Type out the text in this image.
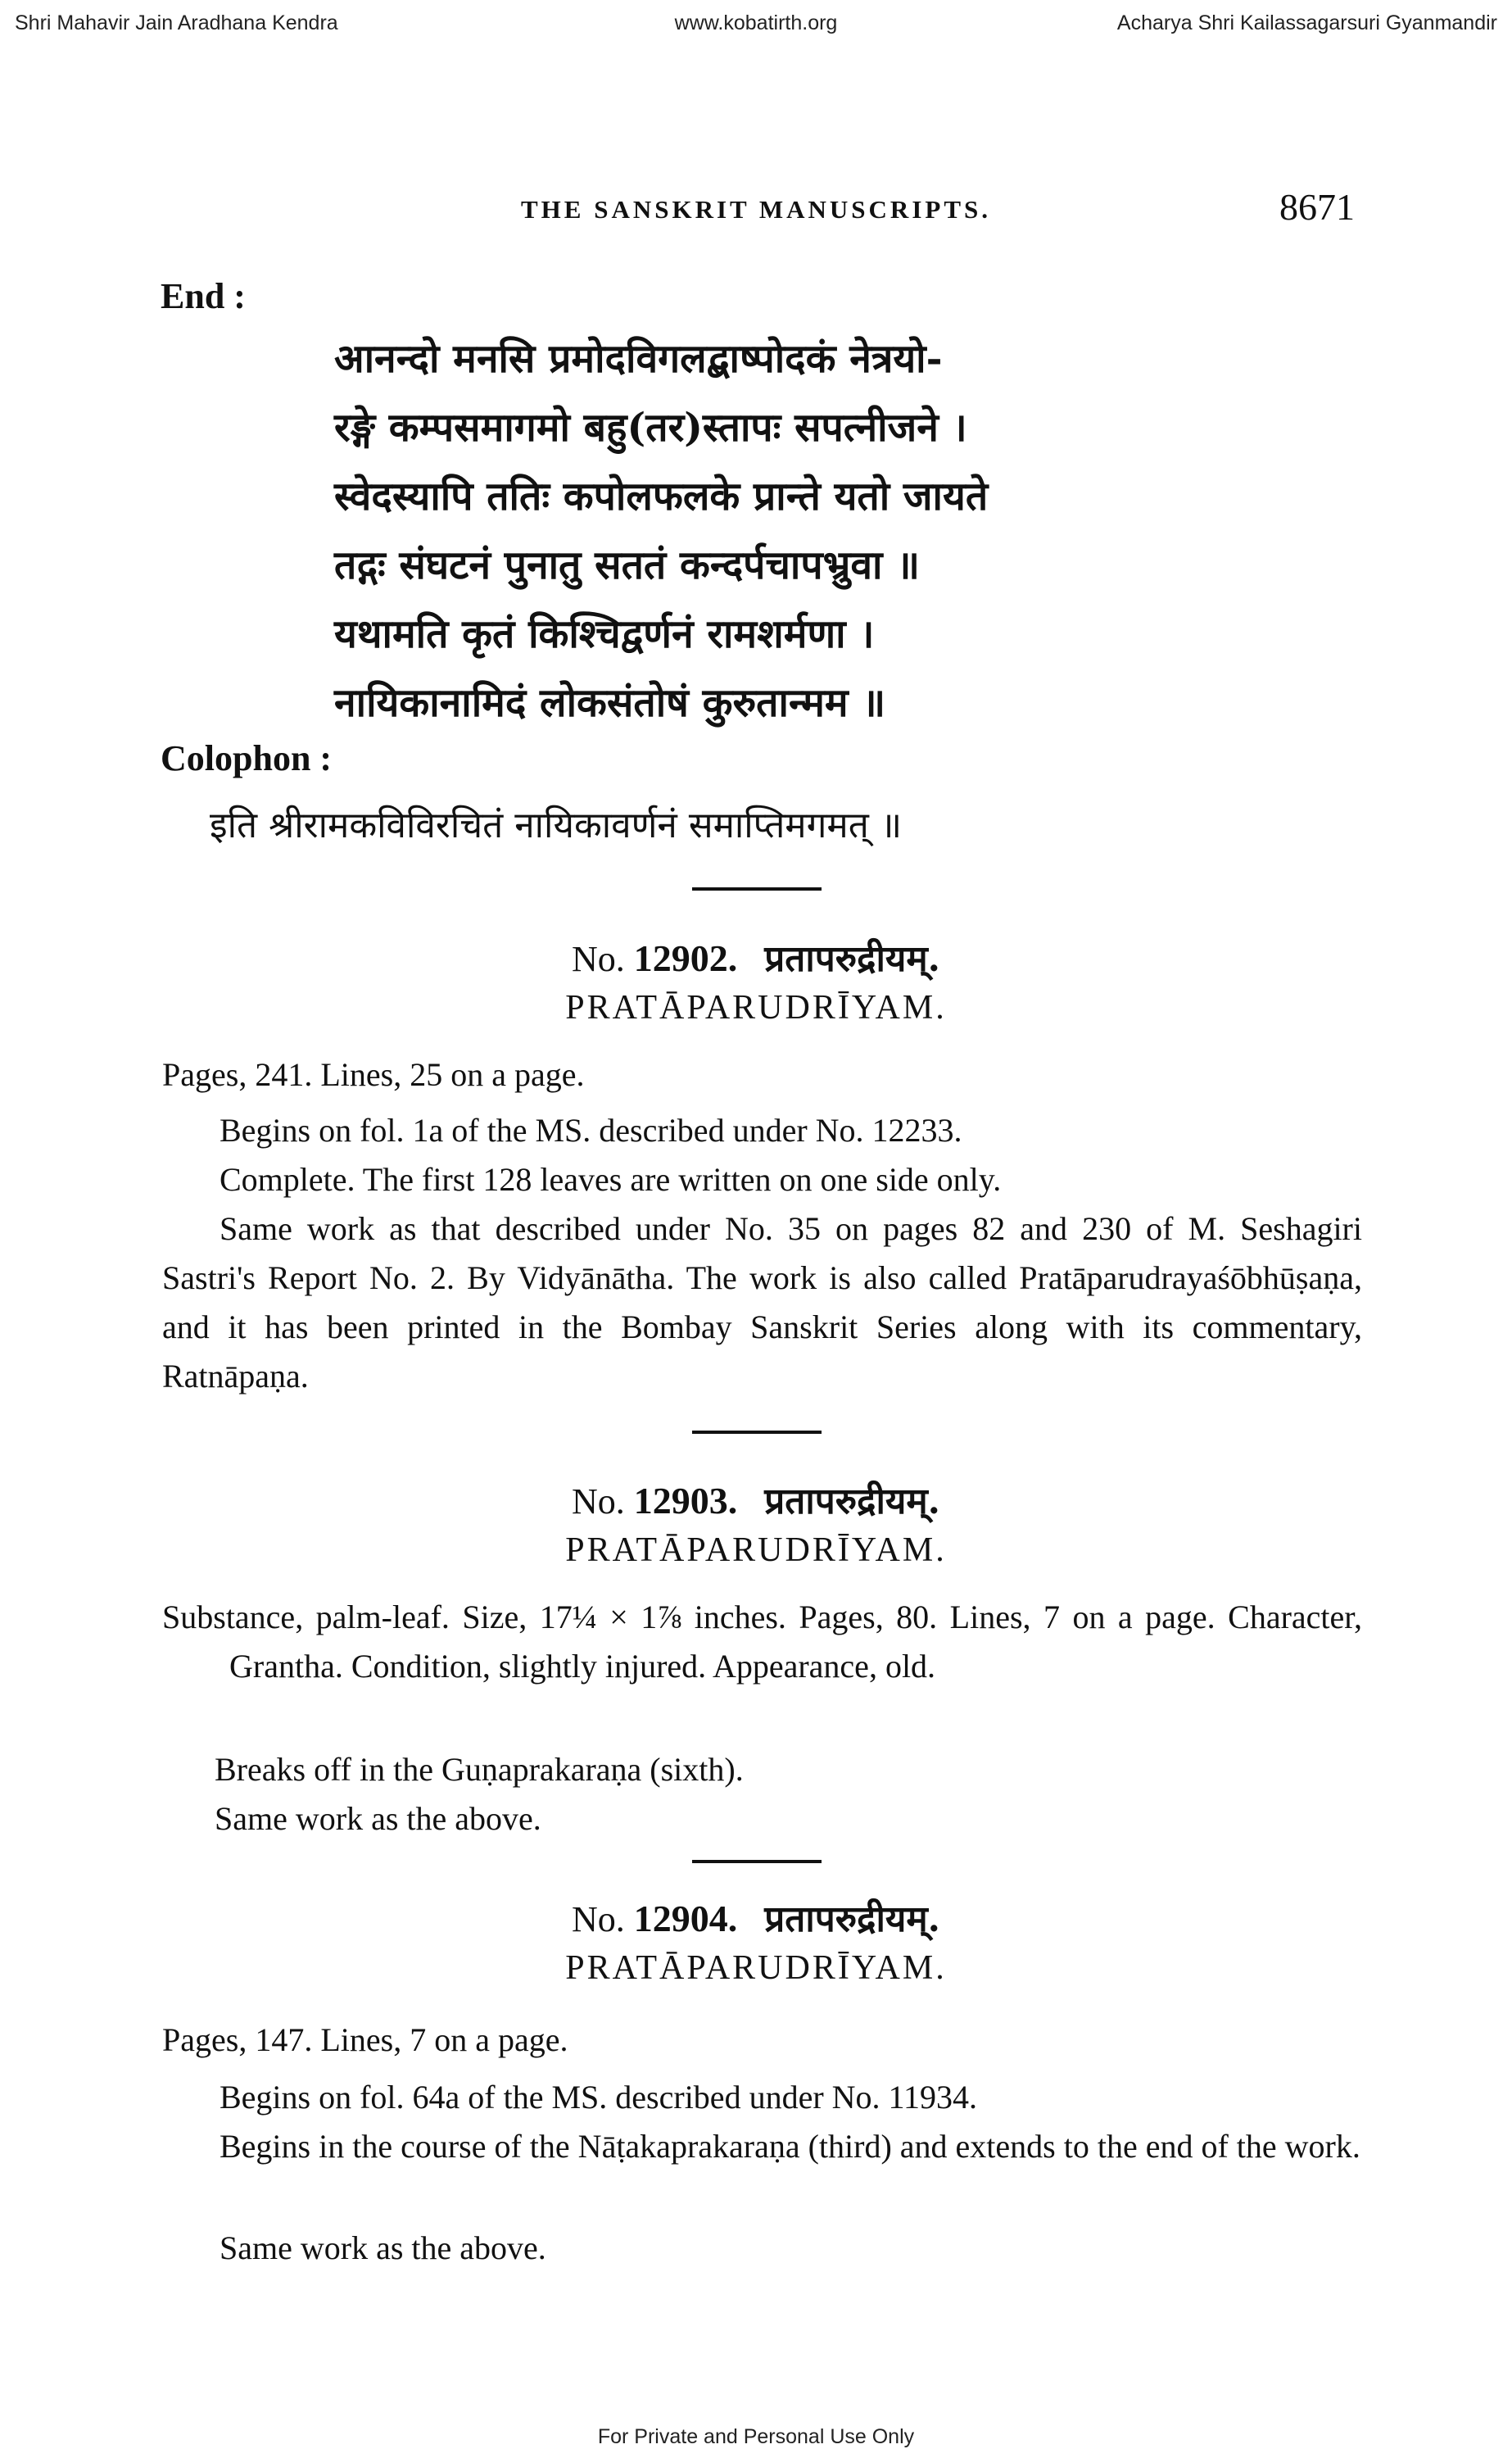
Shri Mahavir Jain Aradhana Kendra	www.kobatirth.org	Acharya Shri Kailassagarsuri Gyanmandir
THE SANSKRIT MANUSCRIPTS.	8671
End :
आनन्दो मनसि प्रमोदविगलद्बाष्पोदकं नेत्रयो-
रङ्गे कम्पसमागमो बहु(तर)स्तापः सपत्नीजने ।
स्वेदस्यापि ततिः कपोलफलके प्रान्ते यतो जायते
तद्गः संघटनं पुनातु सततं कन्दर्पचापभ्रुवा ॥
यथामति कृतं किश्चिद्वर्णनं रामशर्मणा ।
नायिकानामिदं लोकसंतोषं कुरुतान्मम ॥
Colophon :
इति श्रीरामकविविरचितं नायिकावर्णनं समाप्तिमगमत् ॥
No. 12902. प्रतापरुद्रीयम्.
PRATĀPARUDRĪYAM.
Pages, 241. Lines, 25 on a page.
Begins on fol. 1a of the MS. described under No. 12233.
Complete. The first 128 leaves are written on one side only.
Same work as that described under No. 35 on pages 82 and 230 of M. Seshagiri Sastri's Report No. 2. By Vidyānātha. The work is also called Pratāparudrayaśōbhūṣaṇa, and it has been printed in the Bombay Sanskrit Series along with its commentary, Ratnāpaṇa.
No. 12903. प्रतापरुद्रीयम्.
PRATĀPARUDRĪYAM.
Substance, palm-leaf. Size, 17¼ × 1⅞ inches. Pages, 80. Lines, 7 on a page. Character, Grantha. Condition, slightly injured. Appearance, old.
Breaks off in the Guṇaprakaraṇa (sixth).
Same work as the above.
No. 12904. प्रतापरुद्रीयम्.
PRATĀPARUDRĪYAM.
Pages, 147. Lines, 7 on a page.
Begins on fol. 64a of the MS. described under No. 11934.
Begins in the course of the Nāṭakaprakaraṇa (third) and extends to the end of the work.
Same work as the above.
For Private and Personal Use Only
